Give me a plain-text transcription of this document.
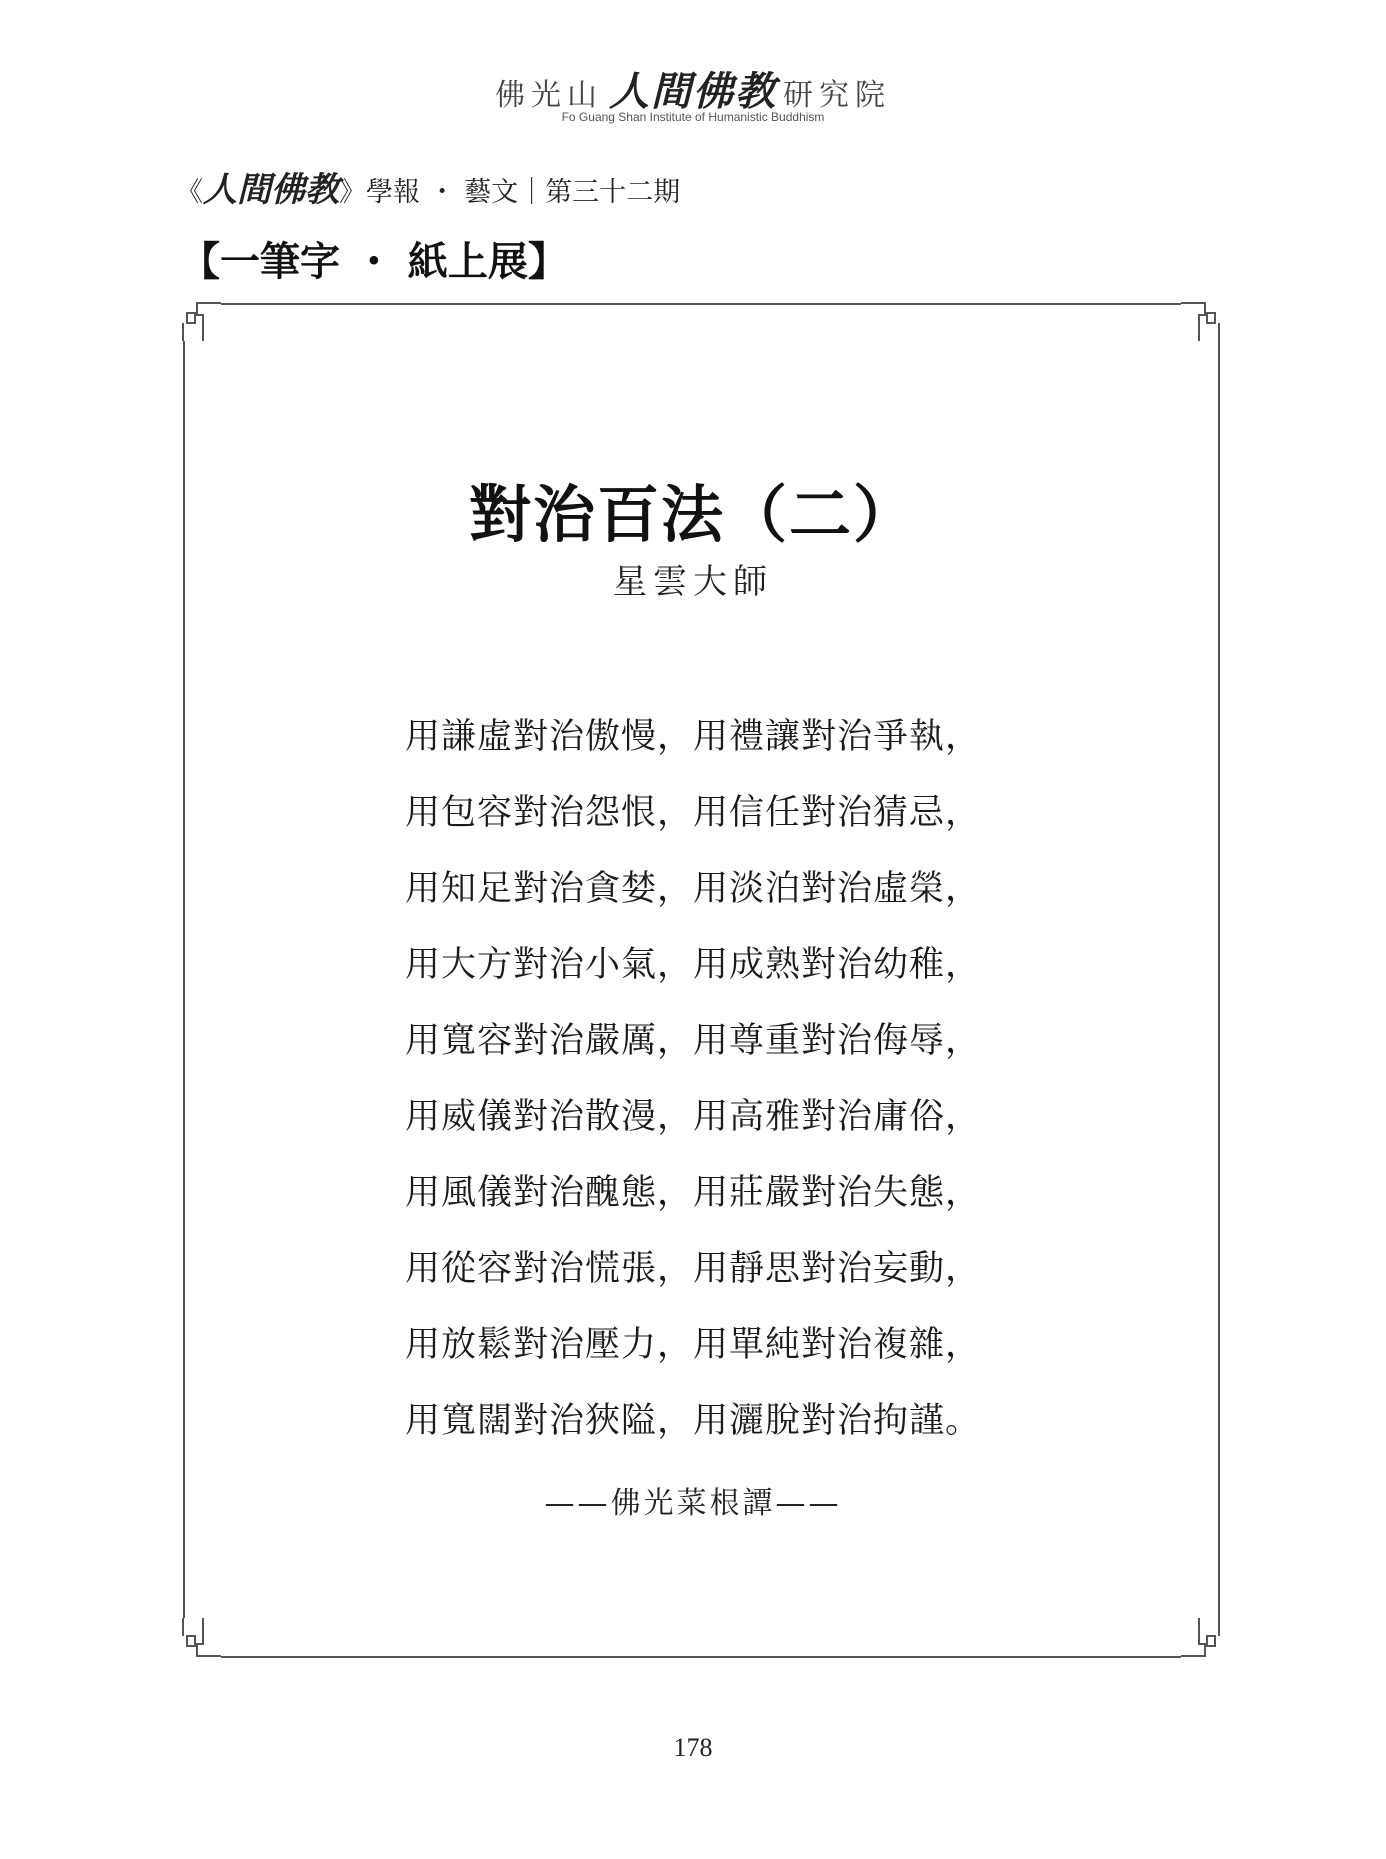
佛光山 人間佛教 研究院
Fo Guang Shan Institute of Humanistic Buddhism
《人間佛教》學報 ・ 藝文｜第三十二期
【一筆字 ・ 紙上展】
對治百法（二）
星雲大師
用謙虛對治傲慢，用禮讓對治爭執，
用包容對治怨恨，用信任對治猜忌，
用知足對治貪婪，用淡泊對治虛榮，
用大方對治小氣，用成熟對治幼稚，
用寬容對治嚴厲，用尊重對治侮辱，
用威儀對治散漫，用高雅對治庸俗，
用風儀對治醜態，用莊嚴對治失態，
用從容對治慌張，用靜思對治妄動，
用放鬆對治壓力，用單純對治複雜，
用寬闊對治狹隘，用灑脫對治拘謹。
——佛光菜根譚——
178
